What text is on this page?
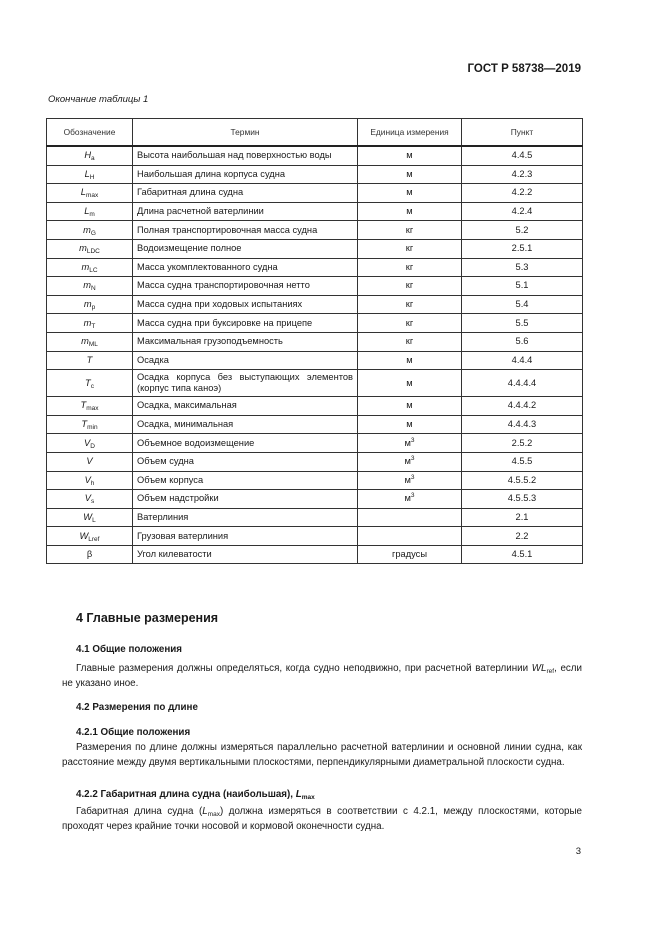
ГОСТ Р 58738—2019
Окончание таблицы 1
Обозначение	Термин	Единица измерения	Пункт
$H_a$	Высота наибольшая над поверхностью воды	м	4.4.5
$L_H$	Наибольшая длина корпуса судна	м	4.2.3
$L_{max}$	Габаритная длина судна	м	4.2.2
$L_m$	Длина расчетной ватерлинии	м	4.2.4
$m_G$	Полная транспортировочная масса судна	кг	5.2
$m_{LDC}$	Водоизмещение полное	кг	2.5.1
$m_{LC}$	Масса укомплектованного судна	кг	5.3
$m_N$	Масса судна транспортировочная нетто	кг	5.1
$m_p$	Масса судна при ходовых испытаниях	кг	5.4
$m_T$	Масса судна при буксировке на прицепе	кг	5.5
$m_{ML}$	Максимальная грузоподъемность	кг	5.6
T	Осадка	м	4.4.4
$T_c$	Осадка корпуса без выступающих элементов (корпус типа каноэ)	м	4.4.4.4
$T_{max}$	Осадка, максимальная	м	4.4.4.2
$T_{min}$	Осадка, минимальная	м	4.4.4.3
$V_D$	Объемное водоизмещение	$м^3$	2.5.2
V	Объем судна	$м^3$	4.5.5
$V_h$	Объем корпуса	$м^3$	4.5.5.2
$V_s$	Объем надстройки	$м^3$	4.5.5.3
$W_L$	Ватерлиния		2.1
$W_{Lref}$	Грузовая ватерлиния		2.2
β	Угол килеватости	градусы	4.5.1
4 Главные размерения
4.1 Общие положения

Главные размерения должны определяться, когда судно неподвижно, при расчетной ватерлинии $WL_{ref}$, если не указано иное.

4.2 Размерения по длине
4.2.1 Общие положения

Размерения по длине должны измеряться параллельно расчетной ватерлинии и основной линии судна, как расстояние между двумя вертикальными плоскостями, перпендикулярными диаметральной плоскости судна.

4.2.2 Габаритная длина судна (наибольшая), $L_{max}$

Габаритная длина судна $(L_{max})$ должна измеряться в соответствии с 4.2.1, между плоскостями, которые проходят через крайние точки носовой и кормовой оконечности судна.

3
